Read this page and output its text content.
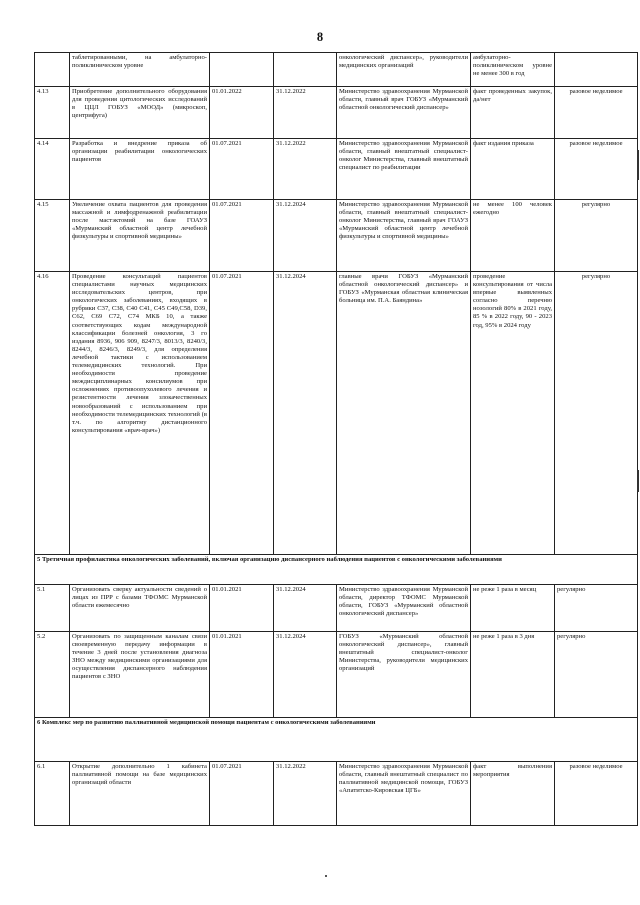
8
	таблетированными, на амбулаторно-поликлиническом уровне			онкологический диспансер», руководители медицинских организаций	амбулаторно-поликлиническом уровне не менее 300 в год	
4.13	Приобретение дополнительного оборудования для проведения цитологических исследований в ЦЦЛ ГОБУЗ «МООД» (микроскоп, центрифуга)	01.01.2022	31.12.2022	Министерство здравоохранения Мурманской области, главный врач ГОБУЗ «Мурманский областной онкологический диспансер»	факт проведенных закупок, да/нет	разовое неделимое
4.14	Разработка и внедрение приказа об организации реабилитации онкологических пациентов	01.07.2021	31.12.2022	Министерство здравоохранения Мурманской области, главный внештатный специалист-онколог Министерства, главный внештатный специалист по реабилитации	факт издания приказа	разовое неделимое
4.15	Увеличение охвата пациентов для проведения массажной и лимфодренажной реабилитации после мастэктомий на базе ГОАУЗ «Мурманский областной центр лечебной физкультуры и спортивной медицины»	01.07.2021	31.12.2024	Министерство здравоохранения Мурманской области, главный внештатный специалист-онколог Министерства, главный врач ГОАУЗ «Мурманский областной центр лечебной физкультуры и спортивной медицины»	не менее 100 человек ежегодно	регулярно
4.16	Проведение консультаций пациентов специалистами научных медицинских исследовательских центров, при онкологических заболеваниях, входящих в рубрики С37, С38, С40 С41, С45 С49,С58, D39, С62, С69 С72, С74 МКБ 10, а также соответствующих кодам международной классификации болезней онкология, 3 го издания 8936, 906 909, 8247/3, 8013/3, 8240/3, 8244/3, 8246/3, 8249/3, для определения лечебной тактики с использованием телемедицинских технологий. При необходимости проведение междисциплинарных консилиумов при осложнениях противоопухолевого лечения и резистентности лечения злокачественных новообразований с использованием при необходимости телемедицинских технологий (в т.ч. по алгоритму дистанционного консультирования «врач-врач»)	01.07.2021	31.12.2024	главные врачи ГОБУЗ «Мурманский областной онкологический диспансер» и ГОБУЗ «Мурманская областная клиническая больница им. П.А. Баяндина»	проведение консультирования от числа впервые выявленных согласно перечню нозологий 80% в 2021 году, 85 % в 2022 году, 90 - 2023 год, 95% в 2024 году	регулярно
5 Третичная профилактика онкологических заболеваний, включая организацию диспансерного наблюдения пациентов с онкологическими заболеваниями						
5.1	Организовать сверку актуальности сведений о лицах из ПРР с базами ТФОМС Мурманской области ежемесячно	01.01.2021	31.12.2024	Министерство здравоохранения Мурманской области, директор ТФОМС Мурманской области, ГОБУЗ «Мурманский областной онкологический диспансер»	не реже 1 раза в месяц	регулярно
5.2	Организовать по защищенным каналам связи своевременную передачу информации в течение 3 дней после установления диагноза ЗНО между медицинскими организациями для осуществления диспансерного наблюдения пациентов с ЗНО	01.01.2021	31.12.2024	ГОБУЗ «Мурманский областной онкологический диспансер», главный внештатный специалист-онколог Министерства, руководители медицинских организаций	не реже 1 раза в 3 дня	регулярно
6 Комплекс мер по развитию паллиативной медицинской помощи пациентам с онкологическими заболеваниями						
6.1	Открытие дополнительно 1 кабинета паллиативной помощи на базе медицинских организаций области	01.07.2021	31.12.2022	Министерство здравоохранения Мурманской области, главный внештатный специалист по паллиативной медицинской помощи, ГОБУЗ «Апатитско-Кировская ЦГБ»	факт выполнения мероприятия	разовое неделимое
